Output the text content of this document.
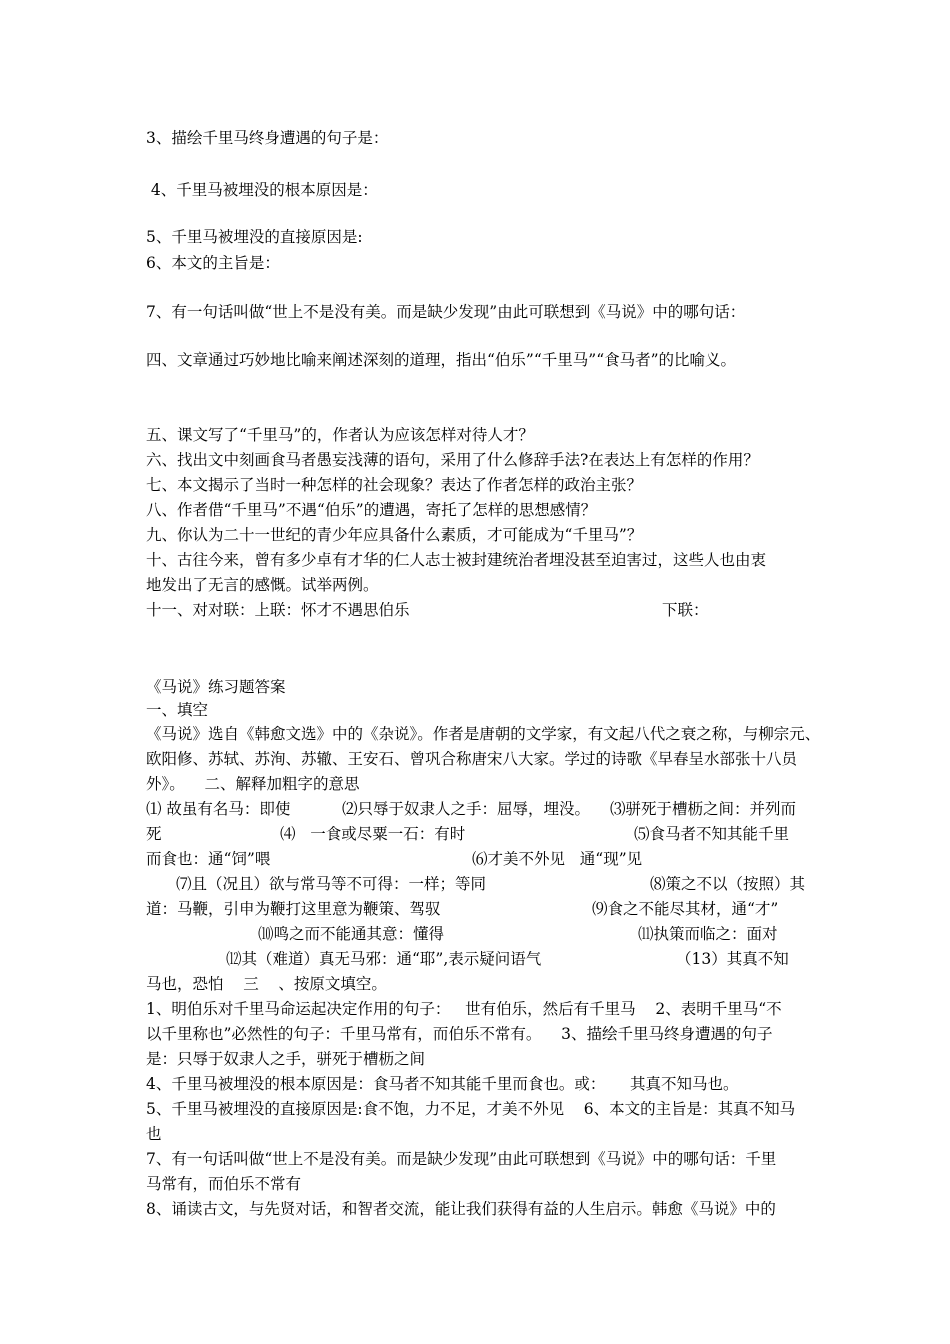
3、描绘千里马终身遭遇的句子是：
4、千里马被埋没的根本原因是：
5、千里马被埋没的直接原因是:
6、本文的主旨是：
7、有一句话叫做“世上不是没有美。而是缺少发现”由此可联想到《马说》中的哪句话：
四、文章通过巧妙地比喻来阐述深刻的道理，指出“伯乐”“千里马”“食马者”的比喻义。
五、课文写了“千里马”的，作者认为应该怎样对待人才？
六、找出文中刻画食马者愚妄浅薄的语句，采用了什么修辞手法?在表达上有怎样的作用？
七、本文揭示了当时一种怎样的社会现象？表达了作者怎样的政治主张？
八、作者借“千里马”不遇“伯乐”的遭遇，寄托了怎样的思想感情？
九、你认为二十一世纪的青少年应具备什么素质，才可能成为“千里马”？
十、古往今来，曾有多少卓有才华的仁人志士被封建统治者埋没甚至迫害过，这些人也由衷
地发出了无言的感慨。试举两例。
十一、对对联：上联：怀才不遇思伯乐	下联：
《马说》练习题答案
一、填空
《马说》选自《韩愈文选》中的《杂说》。作者是唐朝的文学家，有文起八代之衰之称，与柳宗元、
欧阳修、苏轼、苏洵、苏辙、王安石、曾巩合称唐宋八大家。学过的诗歌《早春呈水部张十八员
外》。    二、解释加粗字的意思
⑴ 故虽有名马：即使	⑵只辱于奴隶人之手：屈辱，埋没。 ⑶骈死于槽枥之间：并列而
死	⑷   一食或尽粟一石：有时	⑸食马者不知其能千里
而食也：通“饲”喂	⑹才美不外见   通“现”见
⑺且（况且）欲与常马等不可得：一样；等同	⑻策之不以（按照）其
道：马鞭，引申为鞭打这里意为鞭策、驾驭	⑼食之不能尽其材，通“才”
⑽鸣之而不能通其意：懂得	⑾执策而临之：面对
⑿其（难道）真无马邪：通“耶”,表示疑问语气	（13）其真不知
马也，恐怕    三    、按原文填空。
1、明伯乐对千里马命运起决定作用的句子：   世有伯乐，然后有千里马    2、表明千里马“不
以千里称也”必然性的句子：千里马常有，而伯乐不常有。    3、描绘千里马终身遭遇的句子
是：只辱于奴隶人之手，骈死于槽枥之间
4、千里马被埋没的根本原因是：食马者不知其能千里而食也。或：     其真不知马也。
5、千里马被埋没的直接原因是:食不饱，力不足，才美不外见    6、本文的主旨是：其真不知马
也
7、有一句话叫做“世上不是没有美。而是缺少发现”由此可联想到《马说》中的哪句话：千里
马常有，而伯乐不常有
8、诵读古文，与先贤对话，和智者交流，能让我们获得有益的人生启示。韩愈《马说》中的
